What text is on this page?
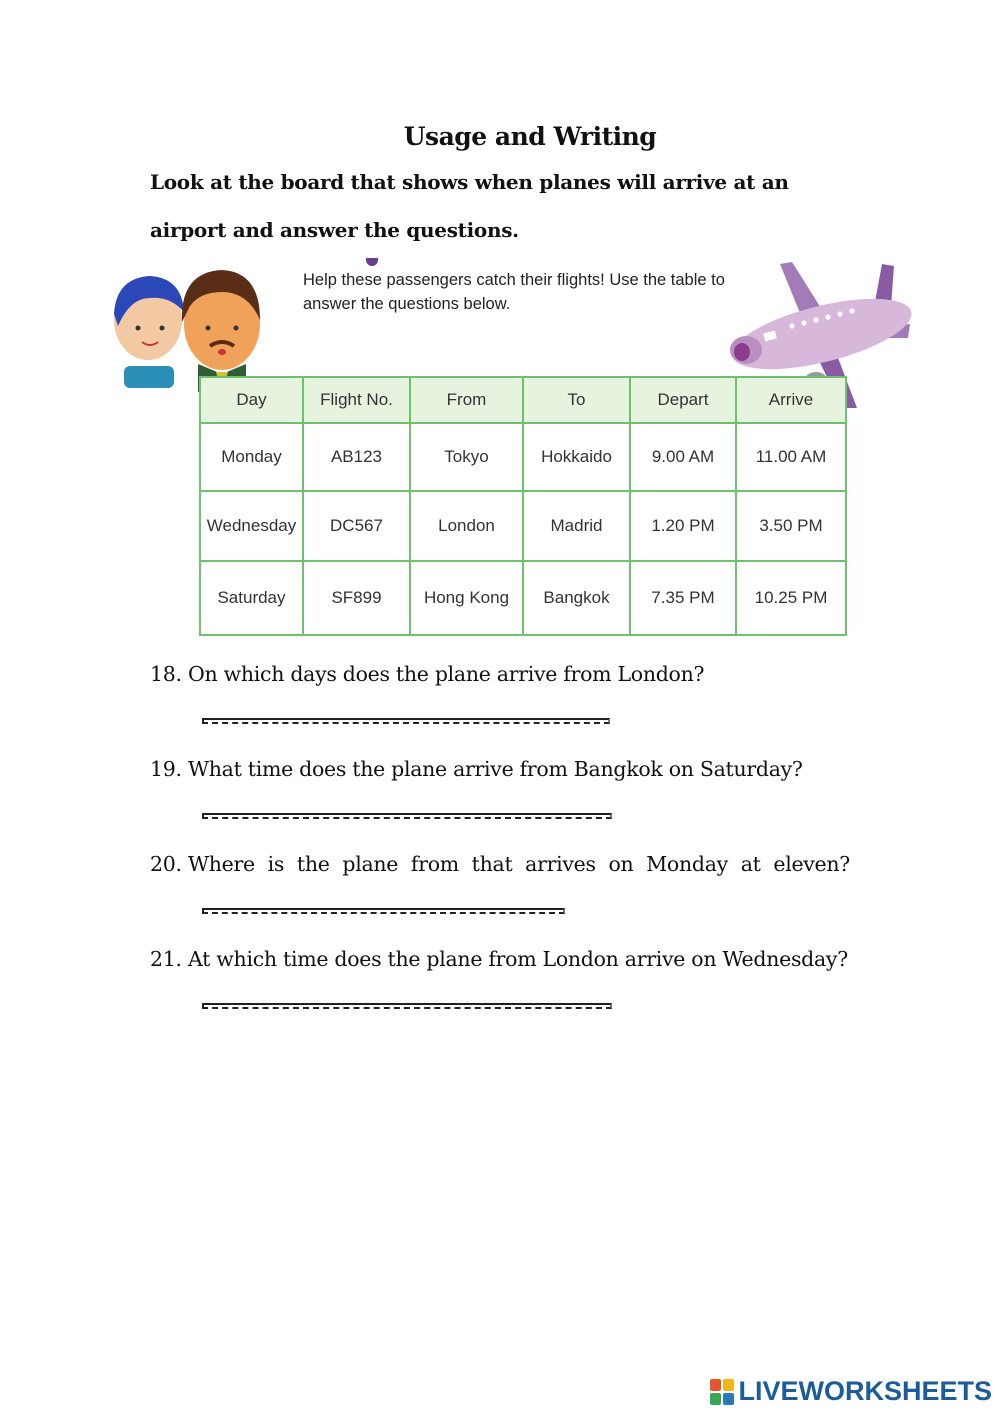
Usage and Writing
Look at the board that shows when planes will arrive at an airport and answer the questions.
Help these passengers catch their flights! Use the table to answer the questions below.
Day	Flight No.	From	To	Depart	Arrive
Monday	AB123	Tokyo	Hokkaido	9.00 AM	11.00 AM
Wednesday	DC567	London	Madrid	1.20 PM	3.50 PM
Saturday	SF899	Hong Kong	Bangkok	7.35 PM	10.25 PM
18. On which days does the plane arrive from London?
19. What time does the plane arrive from Bangkok on Saturday?
20. Where is the plane from that arrives on Monday at eleven?
21. At which time does the plane from London arrive on Wednesday?
LIVEWORKSHEETS
